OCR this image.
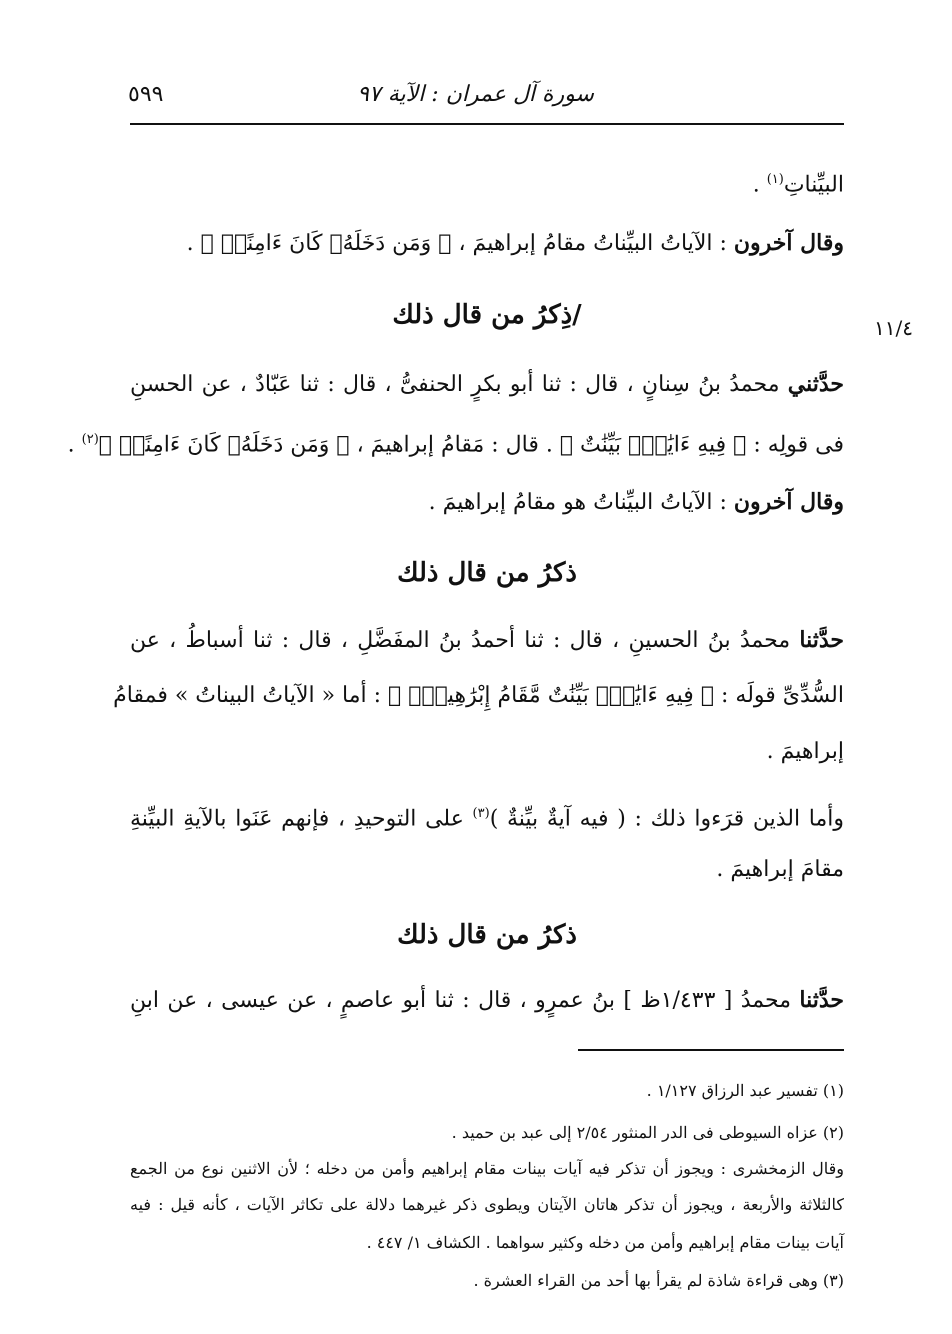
سورة آل عمران : الآية ٩٧
٥٩٩
١١/٤
البيِّناتِ$^{(١)}$ .
وقال آخرون : الآياتُ البيِّناتُ مقامُ إبراهيمَ ، ﴿ وَمَن دَخَلَهُۥ كَانَ ءَامِنًاۗ ﴾ .
/ذِكرُ من قال ذلك
حدَّثني محمدُ بنُ سِنانٍ ، قال : ثنا أبو بكرٍ الحنفىُّ ، قال : ثنا عَبّادٌ ، عن الحسنِ
فى قولِه : ﴿ فِيهِ ءَايَٰتُۢ بَيِّنَٰتٌ ﴾ . قال : مَقامُ إبراهيمَ ، ﴿ وَمَن دَخَلَهُۥ كَانَ ءَامِنًاۗ ﴾$^{(٢)}$ .
وقال آخرون : الآياتُ البيِّناتُ هو مقامُ إبراهيمَ .
ذكرُ من قال ذلك
حدَّثنا محمدُ بنُ الحسينِ ، قال : ثنا أحمدُ بنُ المفَضَّلِ ، قال : ثنا أسباطُ ، عن
السُّدِّىِّ قولَه : ﴿ فِيهِ ءَايَٰتُۢ بَيِّنَٰتٌ مَّقَامُ إِبْرَٰهِيمَۖ ﴾ : أما « الآياتُ البيناتُ » فمقامُ
إبراهيمَ .
وأما الذين قرَءوا ذلك : ( فيه آيةٌ بيِّنةٌ )$^{(٣)}$ على التوحيدِ ، فإنهم عَنَوا بالآيةِ البيِّنةِ
مقامَ إبراهيمَ .
ذكرُ من قال ذلك
حدَّثنا محمدُ [ ١/٤٣٣ظ ] بنُ عمرٍو ، قال : ثنا أبو عاصمٍ ، عن عيسى ، عن ابنِ
(١) تفسير عبد الرزاق ١/١٢٧ .
(٢) عزاه السيوطى فى الدر المنثور ٢/٥٤ إلى عبد بن حميد .
وقال الزمخشرى : ويجوز أن تذكر فيه آيات بينات مقام إبراهيم وأمن من دخله ؛ لأن الاثنين نوع من الجمع
كالثلاثة والأربعة ، ويجوز أن تذكر هاتان الآيتان ويطوى ذكر غيرهما دلالة على تكاثر الآيات ، كأنه قيل : فيه
آيات بينات مقام إبراهيم وأمن من دخله وكثير سواهما . الكشاف ١/ ٤٤٧ .
(٣) وهى قراءة شاذة لم يقرأ بها أحد من القراء العشرة .
